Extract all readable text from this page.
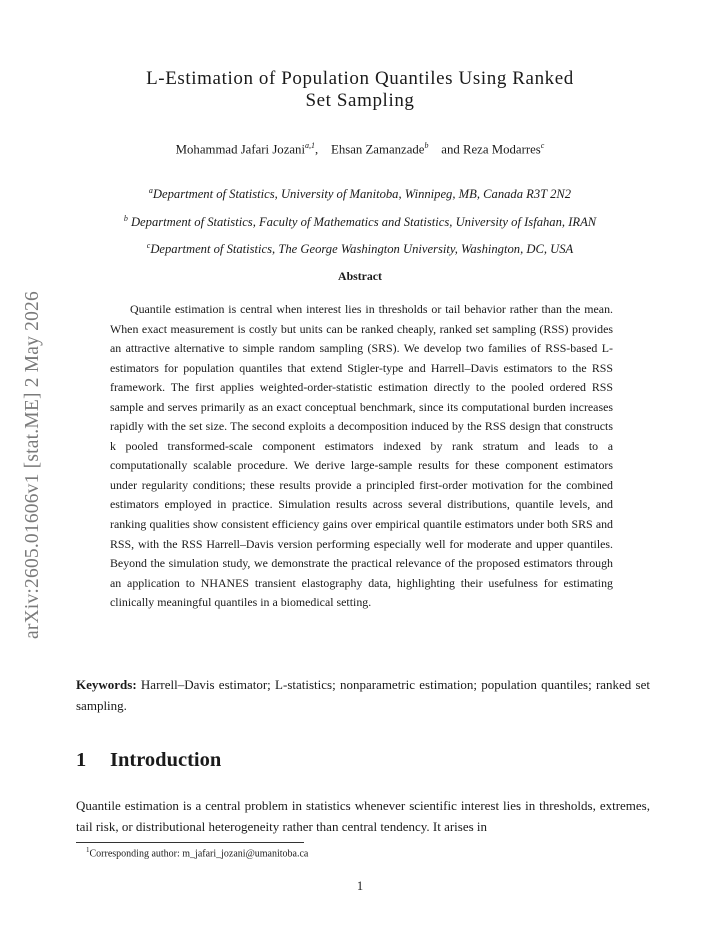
arXiv:2605.01606v1 [stat.ME] 2 May 2026
L-Estimation of Population Quantiles Using Ranked
Set Sampling
Mohammad Jafari Jozani$^{a,1}$,    Ehsan Zamanzade$^b$ and Reza Modarres$^c$
$^a$Department of Statistics, University of Manitoba, Winnipeg, MB, Canada R3T 2N2
$^b$ Department of Statistics, Faculty of Mathematics and Statistics, University of Isfahan, IRAN
$^c$Department of Statistics, The George Washington University, Washington, DC, USA
Abstract

Quantile estimation is central when interest lies in thresholds or tail behavior rather than the mean. When exact measurement is costly but units can be ranked cheaply, ranked set sampling (RSS) provides an attractive alternative to simple random sampling (SRS). We develop two families of RSS-based L-estimators for population quantiles that extend Stigler-type and Harrell–Davis estimators to the RSS framework. The first applies weighted-order-statistic estimation directly to the pooled ordered RSS sample and serves primarily as an exact conceptual benchmark, since its computational burden increases rapidly with the set size. The second exploits a decomposition induced by the RSS design that constructs k pooled transformed-scale component estimators indexed by rank stratum and leads to a computationally scalable procedure. We derive large-sample results for these component estimators under regularity conditions; these results provide a principled first-order motivation for the combined estimators employed in practice. Simulation results across several distributions, quantile levels, and ranking qualities show consistent efficiency gains over empirical quantile estimators under both SRS and RSS, with the RSS Harrell–Davis version performing especially well for moderate and upper quantiles. Beyond the simulation study, we demonstrate the practical relevance of the proposed estimators through an application to NHANES transient elastography data, highlighting their usefulness for estimating clinically meaningful quantiles in a biomedical setting.

Keywords: Harrell–Davis estimator; L-statistics; nonparametric estimation; population quantiles; ranked set sampling.

1 Introduction

Quantile estimation is a central problem in statistics whenever scientific interest lies in thresholds, extremes, tail risk, or distributional heterogeneity rather than central tendency. It arises in

$^1$Corresponding author: m_jafari_jozani@umanitoba.ca
1
